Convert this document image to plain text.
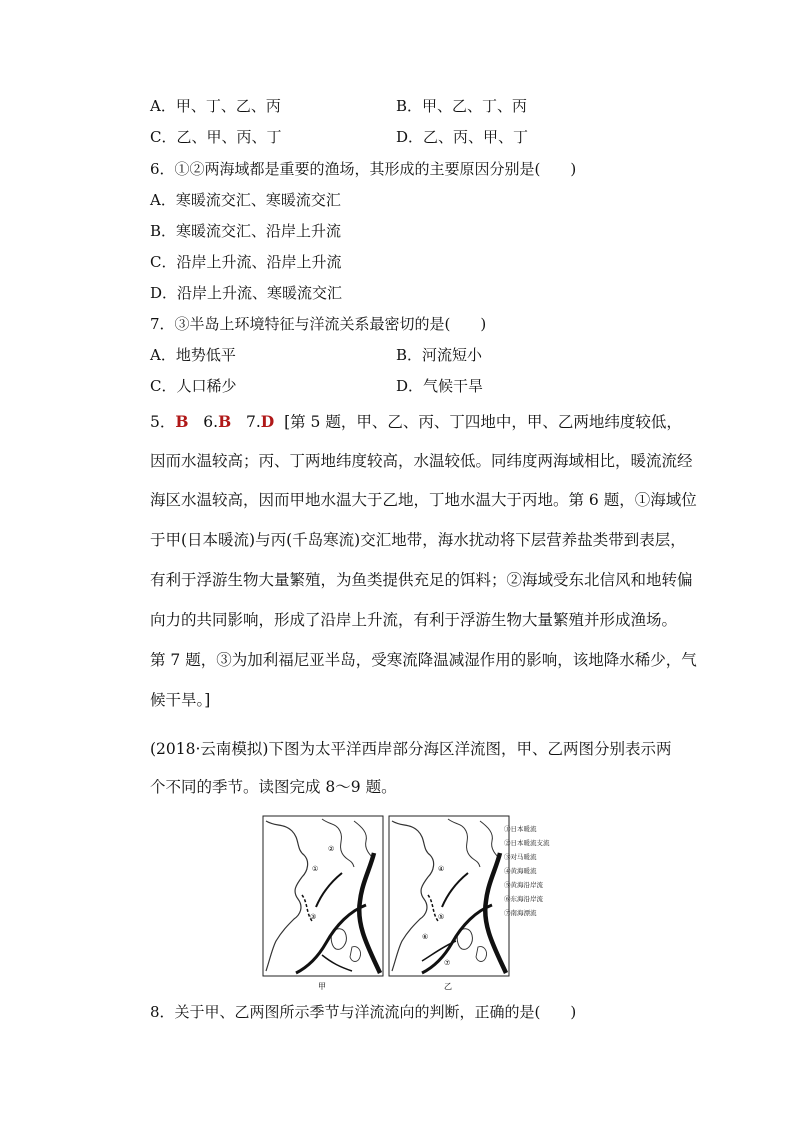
A．甲、丁、乙、丙	B．甲、乙、丁、丙
C．乙、甲、丙、丁	D．乙、丙、甲、丁
6．①②两海域都是重要的渔场，其形成的主要原因分别是(　　)
A．寒暖流交汇、寒暖流交汇
B．寒暖流交汇、沿岸上升流
C．沿岸上升流、沿岸上升流
D．沿岸上升流、寒暖流交汇
7．③半岛上环境特征与洋流关系最密切的是(　　)
A．地势低平	B．河流短小
C．人口稀少	D．气候干旱
5．B 6.B 7.D [第 5 题，甲、乙、丙、丁四地中，甲、乙两地纬度较低，
因而水温较高；丙、丁两地纬度较高，水温较低。同纬度两海域相比，暖流流经
海区水温较高，因而甲地水温大于乙地，丁地水温大于丙地。第 6 题，①海域位
于甲(日本暖流)与丙(千岛寒流)交汇地带，海水扰动将下层营养盐类带到表层，
有利于浮游生物大量繁殖，为鱼类提供充足的饵料；②海域受东北信风和地转偏
向力的共同影响，形成了沿岸上升流，有利于浮游生物大量繁殖并形成渔场。
第 7 题，③为加利福尼亚半岛，受寒流降温减湿作用的影响，该地降水稀少，气
候干旱。]
(2018·云南模拟)下图为太平洋西岸部分海区洋流图，甲、乙两图分别表示两
个不同的季节。读图完成 8～9 题。
①
②
③
④
⑤
⑥
⑦
①日本暖流
②日本暖流支流
③对马暖流
④黄海暖流
⑤黄海沿岸流
⑥东海沿岸流
⑦南海漂流
甲	乙
8．关于甲、乙两图所示季节与洋流流向的判断，正确的是(　　)
